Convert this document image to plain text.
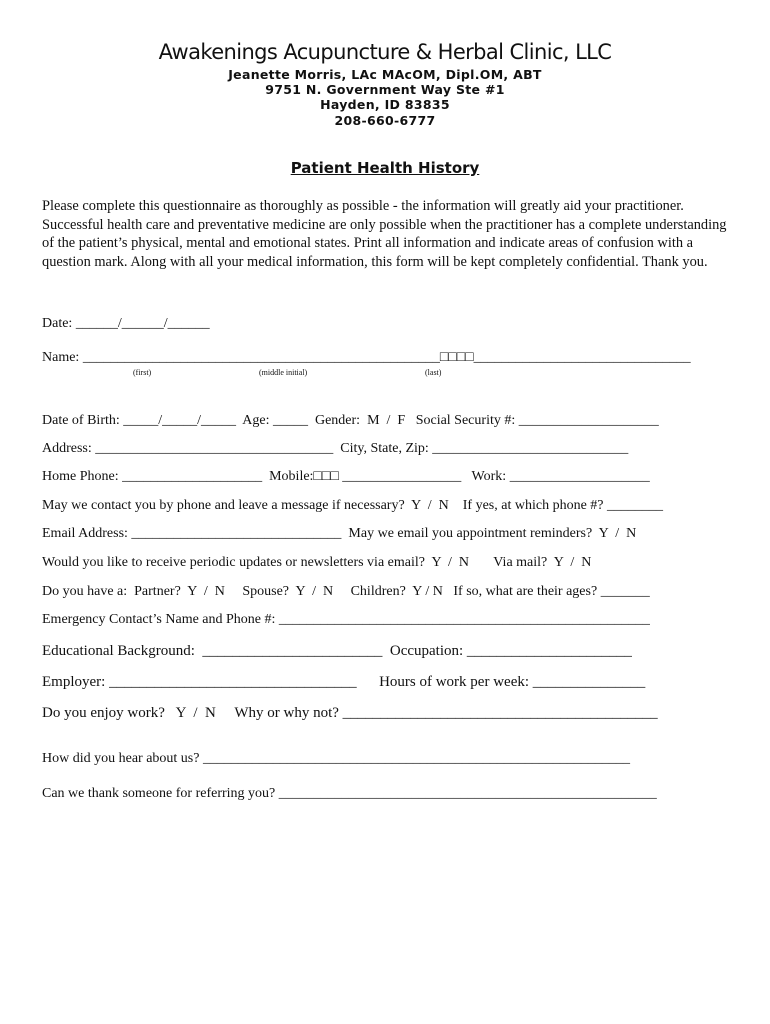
Awakenings Acupuncture & Herbal Clinic, LLC
Jeanette Morris, LAc MAcOM, Dipl.OM, ABT
9751 N. Government Way Ste #1
Hayden, ID 83835
208-660-6777
Patient Health History
Please complete this questionnaire as thoroughly as possible - the information will greatly aid your practitioner. Successful health care and preventative medicine are only possible when the practitioner has a complete understanding of the patient’s physical, mental and emotional states. Print all information and indicate areas of confusion with a question mark. Along with all your medical information, this form will be kept completely confidential. Thank you.
Date: ______/______/______
Name: ___________________________________________________□□□□_______________________________
(first)	(middle initial)	(last)
Date of Birth: _____/_____/_____  Age: _____  Gender:  M  /  F   Social Security #: ____________________
Address: __________________________________  City, State, Zip: ____________________________
Home Phone: ____________________  Mobile:□□□ _________________   Work: ____________________
May we contact you by phone and leave a message if necessary?  Y  /  N    If yes, at which phone #? ________
Email Address: ______________________________  May we email you appointment reminders?  Y  /  N
Would you like to receive periodic updates or newsletters via email?  Y  /  N       Via mail?  Y  /  N
Do you have a:  Partner?  Y  /  N     Spouse?  Y  /  N     Children?  Y / N   If so, what are their ages? _______
Emergency Contact’s Name and Phone #: _____________________________________________________
Educational Background:  ________________________  Occupation: ______________________
Employer: _________________________________      Hours of work per week: _______________
Do you enjoy work?   Y  /  N     Why or why not? __________________________________________
How did you hear about us? _____________________________________________________________
Can we thank someone for referring you? ______________________________________________________
